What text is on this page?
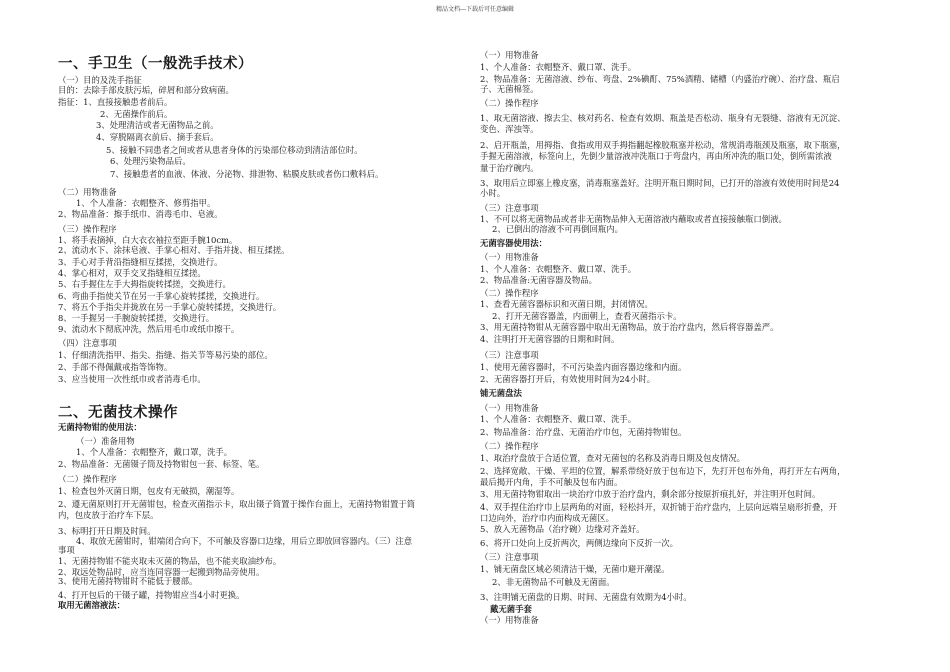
精品文档---下载后可任意编辑
一、手卫生（一般洗手技术）
（一）目的及洗手指征
目的：去除手部皮肤污垢，碎屑和部分致病菌。
指征：1、直接接触患者前后。
2、无菌操作前后。
3、处理清洁或者无菌物品之前。
4、穿脱隔离衣前后、摘手套后。
5、接触不同患者之间或者从患者身体的污染部位移动到清洁部位时。
6、处理污染物品后。
7、接触患者的血液、体液、分泌物、排泄物、粘膜皮肤或者伤口敷料后。
（二）用物准备
1、个人准备：衣帽整齐、修剪指甲。
2、物品准备：擦手纸巾、消毒毛巾、皂液。
（三）操作程序
1、将手表摘掉，白大衣衣袖拉至距手腕10cm。
2、流动水下、涂抹皂液、手掌心相对、手指并拢、相互揉搓。
3、手心对手背沿指缝相互揉搓，交换进行。
4、掌心相对，双手交叉指缝相互揉搓。
5、右手握住左手大拇指旋转揉搓，交换进行。
6、弯曲手指使关节在另一手掌心旋转揉搓，交换进行。
7、将五个手指尖并拢放在另一手掌心旋转揉搓，交换进行。
8、一手握另一手腕旋转揉搓，交换进行。
9、流动水下彻底冲洗，然后用毛巾或纸巾擦干。
（四）注意事项
1、仔细清洗指甲、指尖、指缝、指关节等易污染的部位。
2、手部不得佩戴戒指等饰物。
3、应当使用一次性纸巾或者消毒毛巾。
二、无菌技术操作
无菌持物钳的使用法：
（一）准备用物
1、个人准备：衣帽整齐，戴口罩，洗手。
2、物品准备：无菌镊子筒及持物钳包一套、标签、笔。
（二）操作程序
1、检查包外灭菌日期，包皮有无破损，潮湿等。
2、遵无菌原则打开无菌钳包，检查灭菌指示卡，取出镊子筒置于操作台面上，无菌持物钳置于筒
内，包皮放于治疗车下层。
3、标明打开日期及时间。
4、取放无菌钳时，钳端闭合向下，不可触及容器口边缘，用后立即放回容器内。（三）注意
事项
1、无菌持物钳不能夹取未灭菌的物品，也不能夹取油纱布。
2、取远处物品时，应当连同容器一起搬到物品旁使用。
3、使用无菌持物钳时不能低于腰部。
4、打开包后的干镊子罐，持物钳应当4小时更换。
取用无菌溶液法：
（一）用物准备
1、个人准备：衣帽整齐、戴口罩、洗手。
2、物品准备：无菌溶液、纱布、弯盘、2%碘酊、75%酒精、储槽（内盛治疗碗）、治疗盘、瓶启
子、无菌棉签。
（二）操作程序
1、取无菌溶液、擦去尘、核对药名、检查有效期、瓶盖是否松动、瓶身有无裂缝、溶液有无沉淀、
变色、浑浊等。
2、启开瓶盖，用拇指、食指或用双手拇指翻起橡胶瓶塞并松动，常规消毒瓶颈及瓶塞，取下瓶塞，
手握无菌溶液，标签向上，先倒少量溶液冲洗瓶口于弯盘内，再由所冲洗的瓶口处，倒所需浓液
量于治疗碗内。
3、取用后立即塞上橡皮塞，消毒瓶塞盖好。注明开瓶日期时间，已打开的溶液有效使用时间是24
小时。
（三）注意事项
1、不可以将无菌物品或者非无菌物品伸入无菌溶液内蘸取或者直接接触瓶口倒液。
2、已倒出的溶液不可再倒回瓶内。
无菌容器使用法：
（一）用物准备
1、个人准备：衣帽整齐、戴口罩、洗手。
2、物品准备:无菌容器及物品。
（二）操作程序
1、查看无菌容器标识和灭菌日期，封闭情况。
2、打开无菌容器盖，内面朝上，查看灭菌指示卡。
3、用无菌持物钳从无菌容器中取出无菌物品，放于治疗盘内，然后将容器盖严。
4、注明打开无菌容器的日期和时间。
（三）注意事项
1、使用无菌容器时，不可污染盖内面容器边缘和内面。
2、无菌容器打开后，有效使用时间为24小时。
铺无菌盘法
（一）用物准备
1、个人准备：衣帽整齐、戴口罩、洗手。
2、物品准备：治疗盘、无菌治疗巾包，无菌持物钳包。
（二）操作程序
1、取治疗盘放于合适位置，查对无菌包的名称及消毒日期及包皮情况。
2、选择宽敞、干燥、平坦的位置，解系带绕好放于包布边下，先打开包布外角，再打开左右两角，
最后揭开内角，手不可触及包布内面。
3、用无菌持物钳取出一块治疗巾放于治疗盘内，剩余部分按原折痕扎好，并注明开包时间。
4、双手捏住治疗巾上层两角的对面，轻松抖开，双折铺于治疗盘内，上层向远端呈扇形折叠，开
口边向外，治疗巾内面构成无菌区。
5、放入无菌物品（治疗碗）边缘对齐盖好。
6、将开口处向上反折两次，两侧边缘向下反折一次。
（三）注意事项
1、铺无菌盘区域必须清洁干燥，无菌巾避开潮湿。
2、非无菌物品不可触及无菌面。
3、注明铺无菌盘的日期、时间、无菌盘有效期为4小时。
戴无菌手套
（一）用物准备
